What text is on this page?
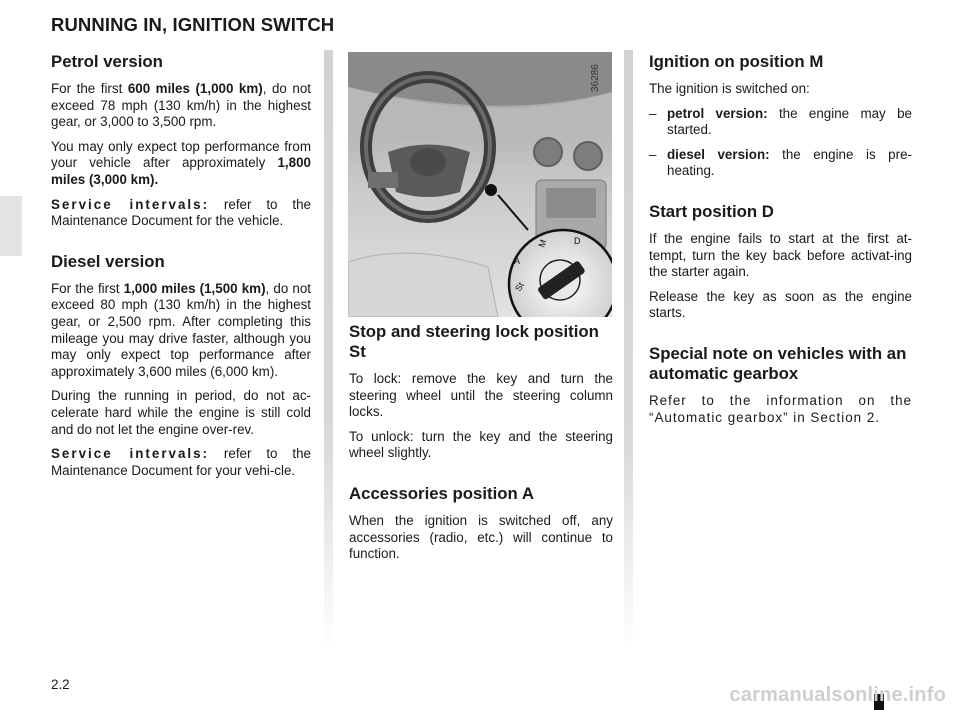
RUNNING IN, IGNITION SWITCH
Petrol version

For the first 600 miles (1,000 km), do not exceed 78 mph (130 km/h) in the highest gear, or 3,000 to 3,500 rpm.

You may only expect top performance from your vehicle after approximately 1,800 miles (3,000 km).

Service intervals: refer to the Maintenance Document for the vehicle.

Diesel version

For the first 1,000 miles (1,500 km), do not exceed 80 mph (130 km/h) in the highest gear, or 2,500 rpm. After completing this mileage you may drive faster, although you may only expect top performance after approximately 3,600 miles (6,000 km).

During the running in period, do not ac-celerate hard while the engine is still cold and do not let the engine over-rev.

Service intervals: refer to the Maintenance Document for your vehi-cle.

M	D
A
St
36286
Stop and steering lock position St

To lock: remove the key and turn the steering wheel until the steering column locks.

To unlock: turn the key and the steering wheel slightly.

Accessories position A

When the ignition is switched off, any accessories (radio, etc.) will continue to function.

Ignition on position M

The ignition is switched on:

– petrol version: the engine may be started.
– diesel version: the engine is pre-heating.
Start position D

If the engine fails to start at the first at-tempt, turn the key back before activat-ing the starter again.

Release the key as soon as the engine starts.

Special note on vehicles with an automatic gearbox

Refer to the information on the “Automatic gearbox” in Section 2.

2.2	carmanualsonline.info
